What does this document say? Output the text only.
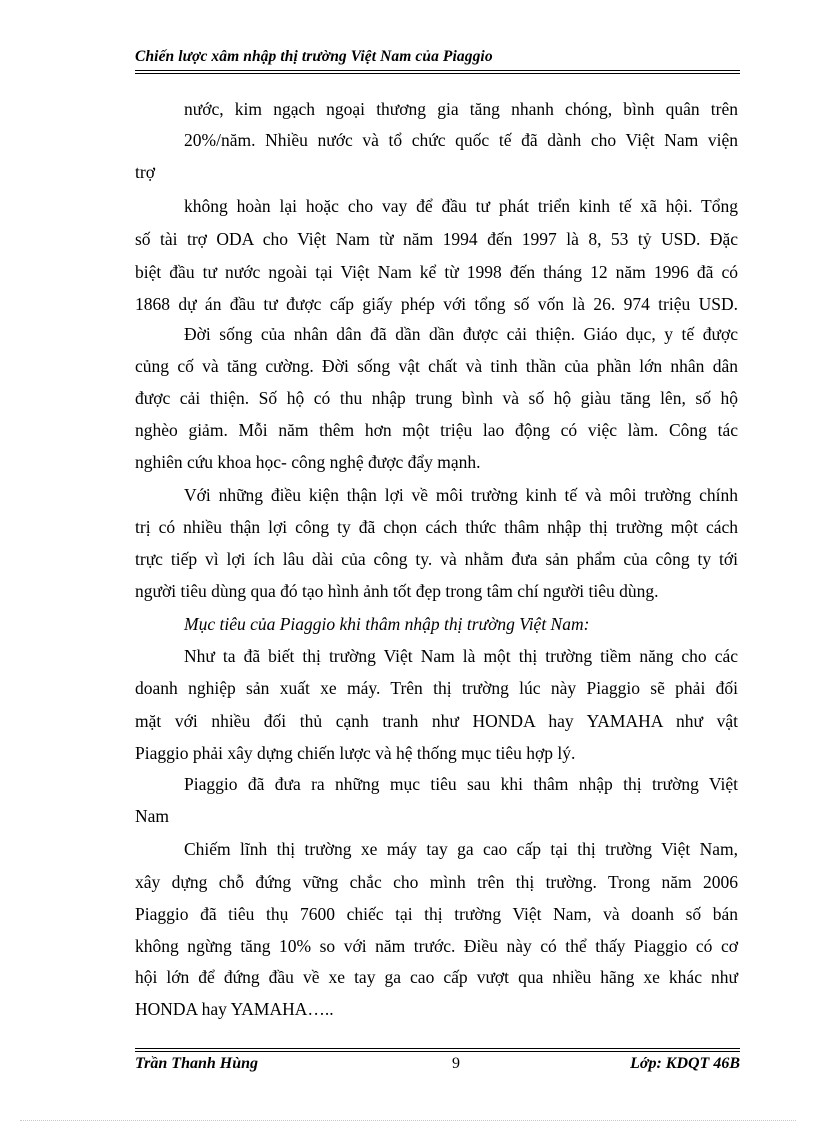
Chiến lược xâm nhập thị trường Việt Nam của Piaggio
nước, kim ngạch ngoại thương gia tăng nhanh chóng, bình quân trên
20%/năm. Nhiều nước và tổ chức quốc tế đã dành cho Việt Nam viện
trợ
không hoàn lại hoặc cho vay để đầu tư phát triển kinh tế xã hội. Tổng
số tài trợ ODA cho Việt Nam từ năm 1994 đến 1997 là 8, 53 tỷ USD. Đặc
biệt đầu tư nước ngoài tại Việt Nam kể từ 1998 đến tháng 12 năm 1996 đã có
1868 dự án đầu tư được cấp giấy phép với tổng số vốn là 26. 974 triệu USD.
Đời sống của nhân dân đã dần dần được cải thiện. Giáo dục, y tế được
củng cố và tăng cường. Đời sống vật chất và tinh thần của phần lớn nhân dân
được cải thiện. Số hộ có thu nhập trung bình và số hộ giàu tăng lên, số hộ
nghèo giảm. Mỗi năm thêm hơn một triệu lao động có việc làm. Công tác
nghiên cứu khoa học- công nghệ được đẩy mạnh.
Với những điều kiện thận lợi về môi trường kinh tế và môi trường chính
trị có nhiều thận lợi công ty đã chọn cách thức thâm nhập thị trường một cách
trực tiếp vì lợi ích lâu dài của công ty. và nhằm đưa sản phẩm của công ty tới
người tiêu dùng qua đó tạo hình ảnh tốt đẹp trong tâm chí người tiêu dùng.
Mục tiêu của Piaggio khi thâm nhập thị trường Việt Nam:
Như ta đã biết thị trường Việt Nam là một thị trường tiềm năng cho các
doanh nghiệp sản xuất xe máy. Trên thị trường lúc này Piaggio sẽ phải đối
mặt với nhiều đối thủ cạnh tranh như HONDA hay YAMAHA như vật
Piaggio phải xây dựng chiến lược và hệ thống mục tiêu hợp lý.
Piaggio đã đưa ra những mục tiêu sau khi thâm nhập thị trường Việt
Nam
Chiếm lĩnh thị trường xe máy tay ga cao cấp tại thị trường Việt Nam,
xây dựng chỗ đứng vững chắc cho mình trên thị trường. Trong năm 2006
Piaggio đã tiêu thụ 7600 chiếc tại thị trường Việt Nam, và doanh số bán
không ngừng tăng 10% so với năm trước. Điều này có thể thấy Piaggio có cơ
hội lớn để đứng đầu về xe tay ga cao cấp vượt qua nhiều hãng xe khác như
HONDA hay YAMAHA…..
Trần Thanh Hùng	9	Lớp: KDQT 46B
